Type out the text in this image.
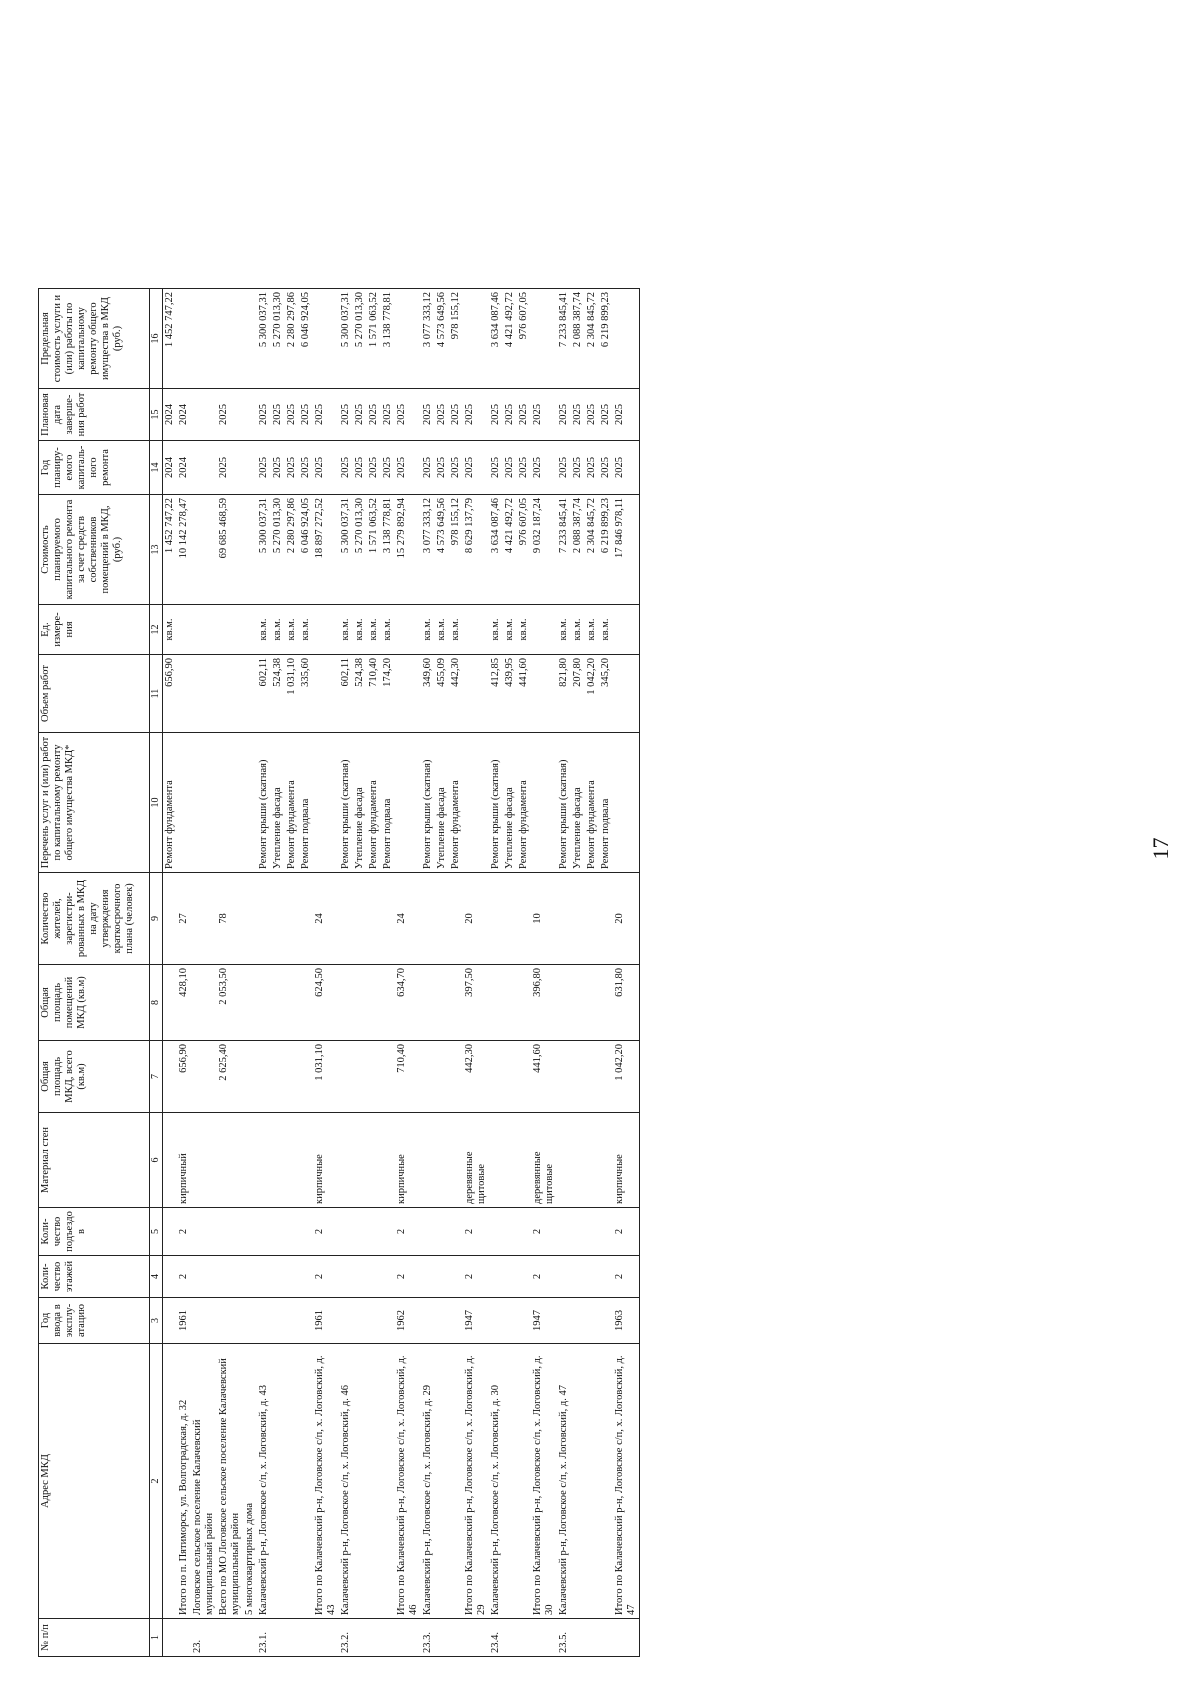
17
№ п/п	Адрес МКД	Год ввода в эксплу-атацию	Коли-чество этажей	Коли-чество подъездо в	Материал стен	Общая площадь МКД, всего (кв.м)	Общая площадь помещений МКД (кв.м)	Количество жителей, зарегистри-рованных в МКД на дату утверждения краткосрочного плана (человек)	Перечень услуг и (или) работ по капитальному ремонту общего имущества МКД*	Объем работ	Ед. измере-ния	Стоимость планируемого капитального ремонта за счет средств собственников помещений в МКД, (руб.)	Год планиру-емого капиталь-ного ремонта	Плановая дата заверше-ния работ	Предельная стоимость услуги и (или) работы по капитальному ремонту общего имущества в МКД (руб.)
1	2	3	4	5	6	7	8	9	10	11	12	13	14	15	16
									Ремонт фундамента	656,90	кв.м.	1 452 747,22	2024	2024	1 452 747,22
	Итого по п. Пятиморск, ул. Волгоградская, д. 32	1961	2	2	кирпичный	656,90	428,10	27				10 142 278,47	2024	2024	
23.	Логовское сельское поселение Калачевский муниципальный район														
	Всего по МО Логовское сельское поселение Калачевский муниципальный район					2 625,40	2 053,50	78				69 685 468,59	2025	2025	
	5 многоквартирных дома														
23.1.	Калачевский р-н, Логовское с/п, х. Логовский, д. 43								Ремонт крыши (скатная)	602,11	кв.м.	5 300 037,31	2025	2025	5 300 037,31
									Утепление фасада	524,38	кв.м.	5 270 013,30	2025	2025	5 270 013,30
									Ремонт фундамента	1 031,10	кв.м.	2 280 297,86	2025	2025	2 280 297,86
									Ремонт подвала	335,60	кв.м.	6 046 924,05	2025	2025	6 046 924,05
	Итого по Калачевский р-н, Логовское с/п, х. Логовский, д. 43	1961	2	2	кирпичные	1 031,10	624,50	24				18 897 272,52	2025	2025	
23.2.	Калачевский р-н, Логовское с/п, х. Логовский, д. 46								Ремонт крыши (скатная)	602,11	кв.м.	5 300 037,31	2025	2025	5 300 037,31
									Утепление фасада	524,38	кв.м.	5 270 013,30	2025	2025	5 270 013,30
									Ремонт фундамента	710,40	кв.м.	1 571 063,52	2025	2025	1 571 063,52
									Ремонт подвала	174,20	кв.м.	3 138 778,81	2025	2025	3 138 778,81
	Итого по Калачевский р-н, Логовское с/п, х. Логовский, д. 46	1962	2	2	кирпичные	710,40	634,70	24				15 279 892,94	2025	2025	
23.3.	Калачевский р-н, Логовское с/п, х. Логовский, д. 29								Ремонт крыши (скатная)	349,60	кв.м.	3 077 333,12	2025	2025	3 077 333,12
									Утепление фасада	455,09	кв.м.	4 573 649,56	2025	2025	4 573 649,56
									Ремонт фундамента	442,30	кв.м.	978 155,12	2025	2025	978 155,12
	Итого по Калачевский р-н, Логовское с/п, х. Логовский, д. 29	1947	2	2	деревянные щитовые	442,30	397,50	20				8 629 137,79	2025	2025	
23.4.	Калачевский р-н, Логовское с/п, х. Логовский, д. 30								Ремонт крыши (скатная)	412,85	кв.м.	3 634 087,46	2025	2025	3 634 087,46
									Утепление фасада	439,95	кв.м.	4 421 492,72	2025	2025	4 421 492,72
									Ремонт фундамента	441,60	кв.м.	976 607,05	2025	2025	976 607,05
	Итого по Калачевский р-н, Логовское с/п, х. Логовский, д. 30	1947	2	2	деревянные щитовые	441,60	396,80	10				9 032 187,24	2025	2025	
23.5.	Калачевский р-н, Логовское с/п, х. Логовский, д. 47								Ремонт крыши (скатная)	821,80	кв.м.	7 233 845,41	2025	2025	7 233 845,41
									Утепление фасада	207,80	кв.м.	2 088 387,74	2025	2025	2 088 387,74
									Ремонт фундамента	1 042,20	кв.м.	2 304 845,72	2025	2025	2 304 845,72
									Ремонт подвала	345,20	кв.м.	6 219 899,23	2025	2025	6 219 899,23
	Итого по Калачевский р-н, Логовское с/п, х. Логовский, д. 47	1963	2	2	кирпичные	1 042,20	631,80	20				17 846 978,11	2025	2025	
